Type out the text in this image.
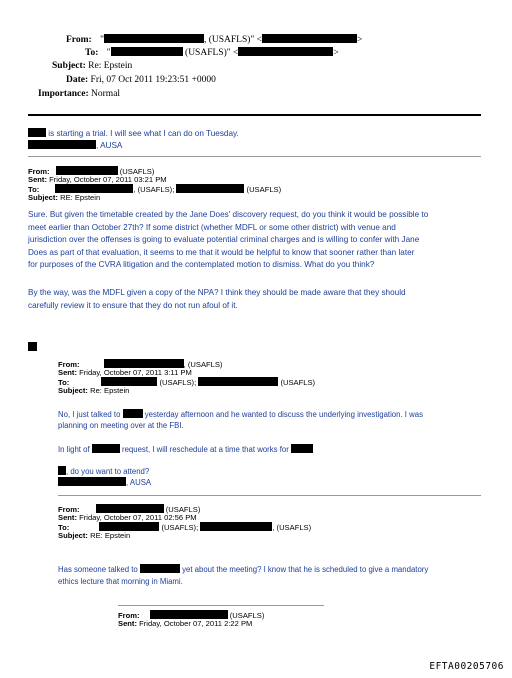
From: "	, (USAFLS)" <	>
To: "	(USAFLS)" <	>
Subject: Re: Epstein
Date: Fri, 07 Oct 2011 19:23:51 +0000
Importance: Normal
is starting a trial. I will see what I can do on Tuesday.
, AUSA
From:	(USAFLS)
Sent: Friday, October 07, 2011 03:21 PM
To:	, (USAFLS);	(USAFLS)
Subject: RE: Epstein
Sure. But given the timetable created by the Jane Does' discovery request, do you think it would be possible to
meet earlier than October 27th? If some district (whether MDFL or some other district) with venue and
jurisdiction over the offenses is going to evaluate potential criminal charges and is willing to confer with Jane
Does as part of that evaluation, it seems to me that it would be helpful to know that sooner rather than later
for purposes of the CVRA litigation and the contemplated motion to dismiss. What do you think?
By the way, was the MDFL given a copy of the NPA? I think they should be made aware that they should
carefully review it to ensure that they do not run afoul of it.
From:	, (USAFLS)
Sent: Friday, October 07, 2011 3:11 PM
To:	(USAFLS);	(USAFLS)
Subject: Re: Epstein
No, I just talked to	yesterday afternoon and he wanted to discuss the underlying investigation. I was
planning on meeting over at the FBI.
In light of	request, I will reschedule at a time that works for
, do you want to attend?
, AUSA
From:	(USAFLS)
Sent: Friday, October 07, 2011 02:56 PM
To:	(USAFLS);	, (USAFLS)
Subject: RE: Epstein
Has someone talked to	yet about the meeting? I know that he is scheduled to give a mandatory
ethics lecture that morning in Miami.
From:	(USAFLS)
Sent: Friday, October 07, 2011 2:22 PM
EFTA00205706
